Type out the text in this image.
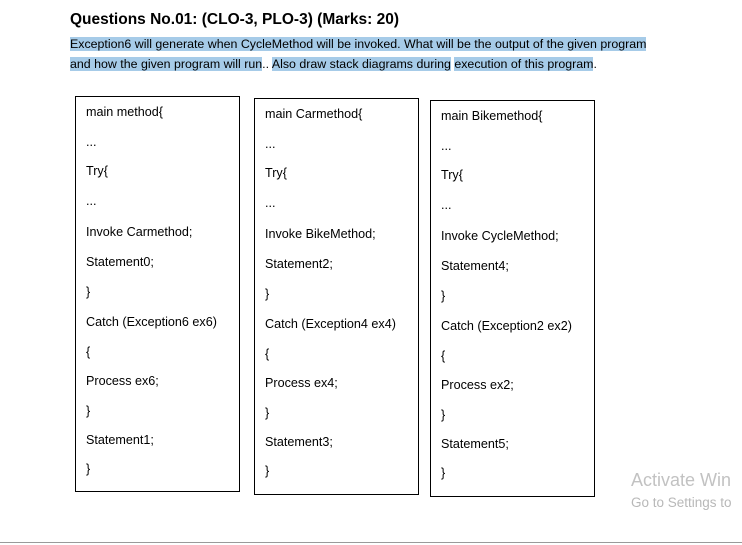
Questions No.01: (CLO-3, PLO-3) (Marks: 20)
Exception6 will generate when CycleMethod will be invoked. What will be the output of the given program
and how the given program will run.. Also draw stack diagrams during execution of this program.
main method{
...
Try{
...
Invoke Carmethod;
Statement0;
}
Catch (Exception6 ex6)
{
Process ex6;
}
Statement1;
}
main Carmethod{
...
Try{
...
Invoke BikeMethod;
Statement2;
}
Catch (Exception4 ex4)
{
Process ex4;
}
Statement3;
}
main Bikemethod{
...
Try{
...
Invoke CycleMethod;
Statement4;
}
Catch (Exception2 ex2)
{
Process ex2;
}
Statement5;
}	Activate Win
Go to Settings to
